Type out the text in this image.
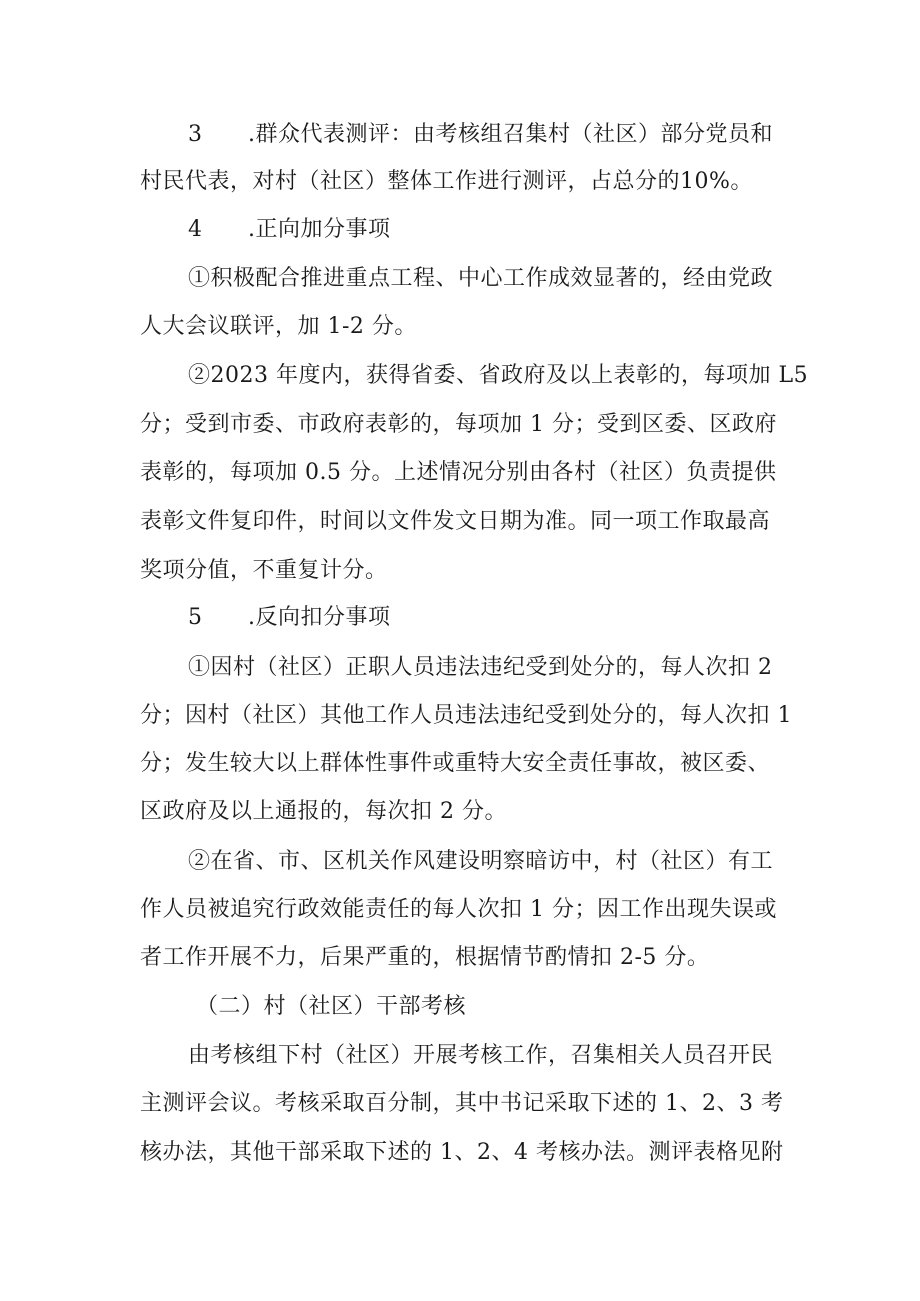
3 .群众代表测评：由考核组召集村（社区）部分党员和
村民代表，对村（社区）整体工作进行测评，占总分的10%。
4 .正向加分事项
①积极配合推进重点工程、中心工作成效显著的，经由党政
人大会议联评，加 1-2 分。
②2023 年度内，获得省委、省政府及以上表彰的，每项加 L5
分；受到市委、市政府表彰的，每项加 1 分；受到区委、区政府
表彰的，每项加 0.5 分。上述情况分别由各村（社区）负责提供
表彰文件复印件，时间以文件发文日期为准。同一项工作取最高
奖项分值，不重复计分。
5 .反向扣分事项
①因村（社区）正职人员违法违纪受到处分的，每人次扣 2
分；因村（社区）其他工作人员违法违纪受到处分的，每人次扣 1
分；发生较大以上群体性事件或重特大安全责任事故，被区委、
区政府及以上通报的，每次扣 2 分。
②在省、市、区机关作风建设明察暗访中，村（社区）有工
作人员被追究行政效能责任的每人次扣 1 分；因工作出现失误或
者工作开展不力，后果严重的，根据情节酌情扣 2-5 分。
（二）村（社区）干部考核
由考核组下村（社区）开展考核工作，召集相关人员召开民
主测评会议。考核采取百分制，其中书记采取下述的 1、2、3 考
核办法，其他干部采取下述的 1、2、4 考核办法。测评表格见附
